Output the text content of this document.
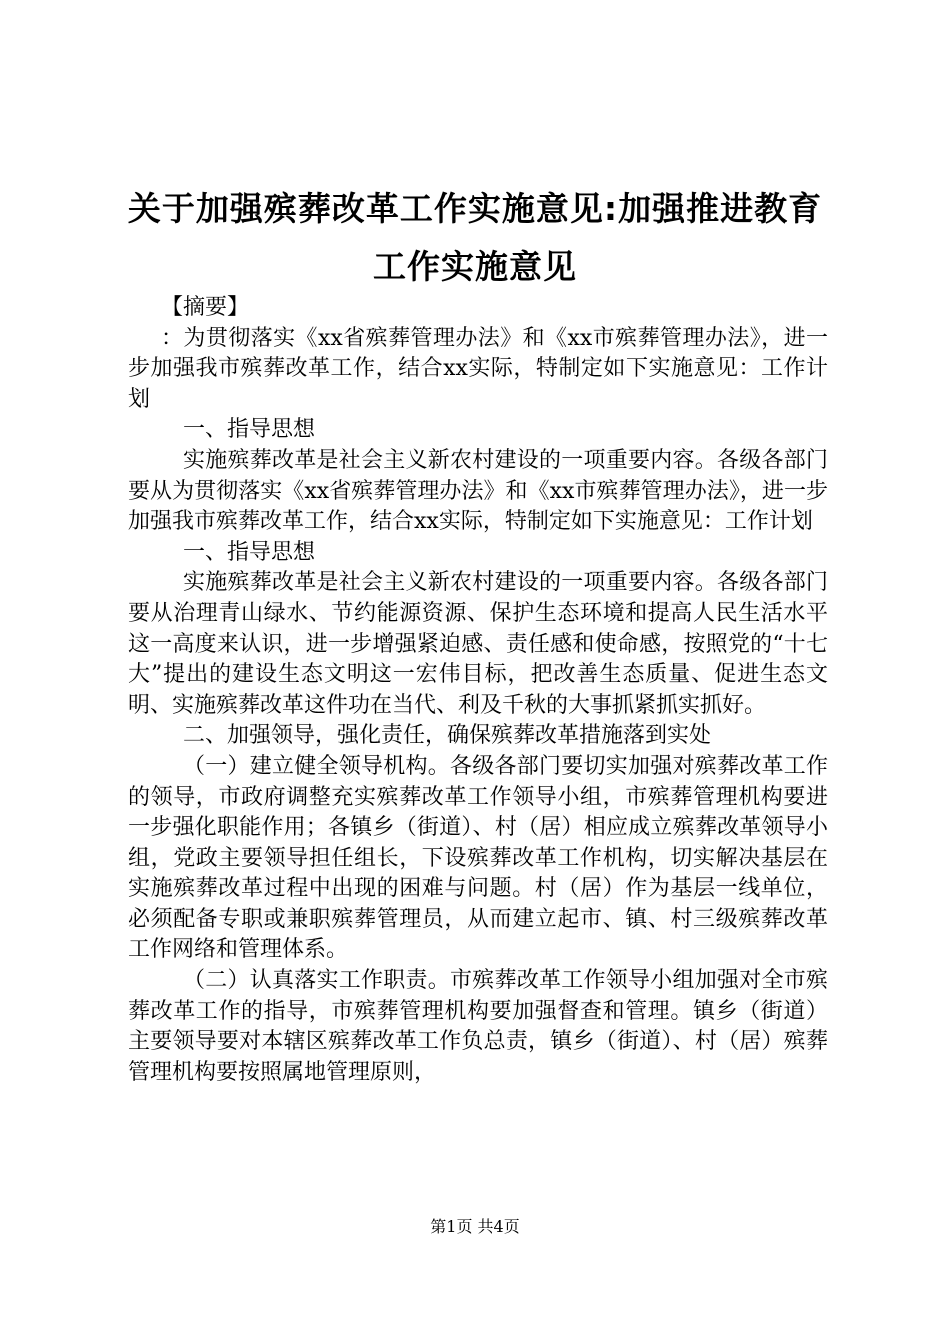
关于加强殡葬改革工作实施意见:加强推进教育工作实施意见

【摘要】

：为贯彻落实《xx省殡葬管理办法》和《xx市殡葬管理办法》，进一步加强我市殡葬改革工作，结合xx实际，特制定如下实施意见：工作计划

一、指导思想

实施殡葬改革是社会主义新农村建设的一项重要内容。各级各部门要从为贯彻落实《xx省殡葬管理办法》和《xx市殡葬管理办法》，进一步加强我市殡葬改革工作，结合xx实际，特制定如下实施意见：工作计划

一、指导思想

实施殡葬改革是社会主义新农村建设的一项重要内容。各级各部门要从治理青山绿水、节约能源资源、保护生态环境和提高人民生活水平这一高度来认识，进一步增强紧迫感、责任感和使命感，按照党的“十七大”提出的建设生态文明这一宏伟目标，把改善生态质量、促进生态文明、实施殡葬改革这件功在当代、利及千秋的大事抓紧抓实抓好。

二、加强领导，强化责任，确保殡葬改革措施落到实处

（一）建立健全领导机构。各级各部门要切实加强对殡葬改革工作的领导，市政府调整充实殡葬改革工作领导小组，市殡葬管理机构要进一步强化职能作用；各镇乡（街道）、村（居）相应成立殡葬改革领导小组，党政主要领导担任组长，下设殡葬改革工作机构，切实解决基层在实施殡葬改革过程中出现的困难与问题。村（居）作为基层一线单位，必须配备专职或兼职殡葬管理员，从而建立起市、镇、村三级殡葬改革工作网络和管理体系。

（二）认真落实工作职责。市殡葬改革工作领导小组加强对全市殡葬改革工作的指导，市殡葬管理机构要加强督查和管理。镇乡（街道）主要领导要对本辖区殡葬改革工作负总责，镇乡（街道）、村（居）殡葬管理机构要按照属地管理原则，

第1页 共4页
